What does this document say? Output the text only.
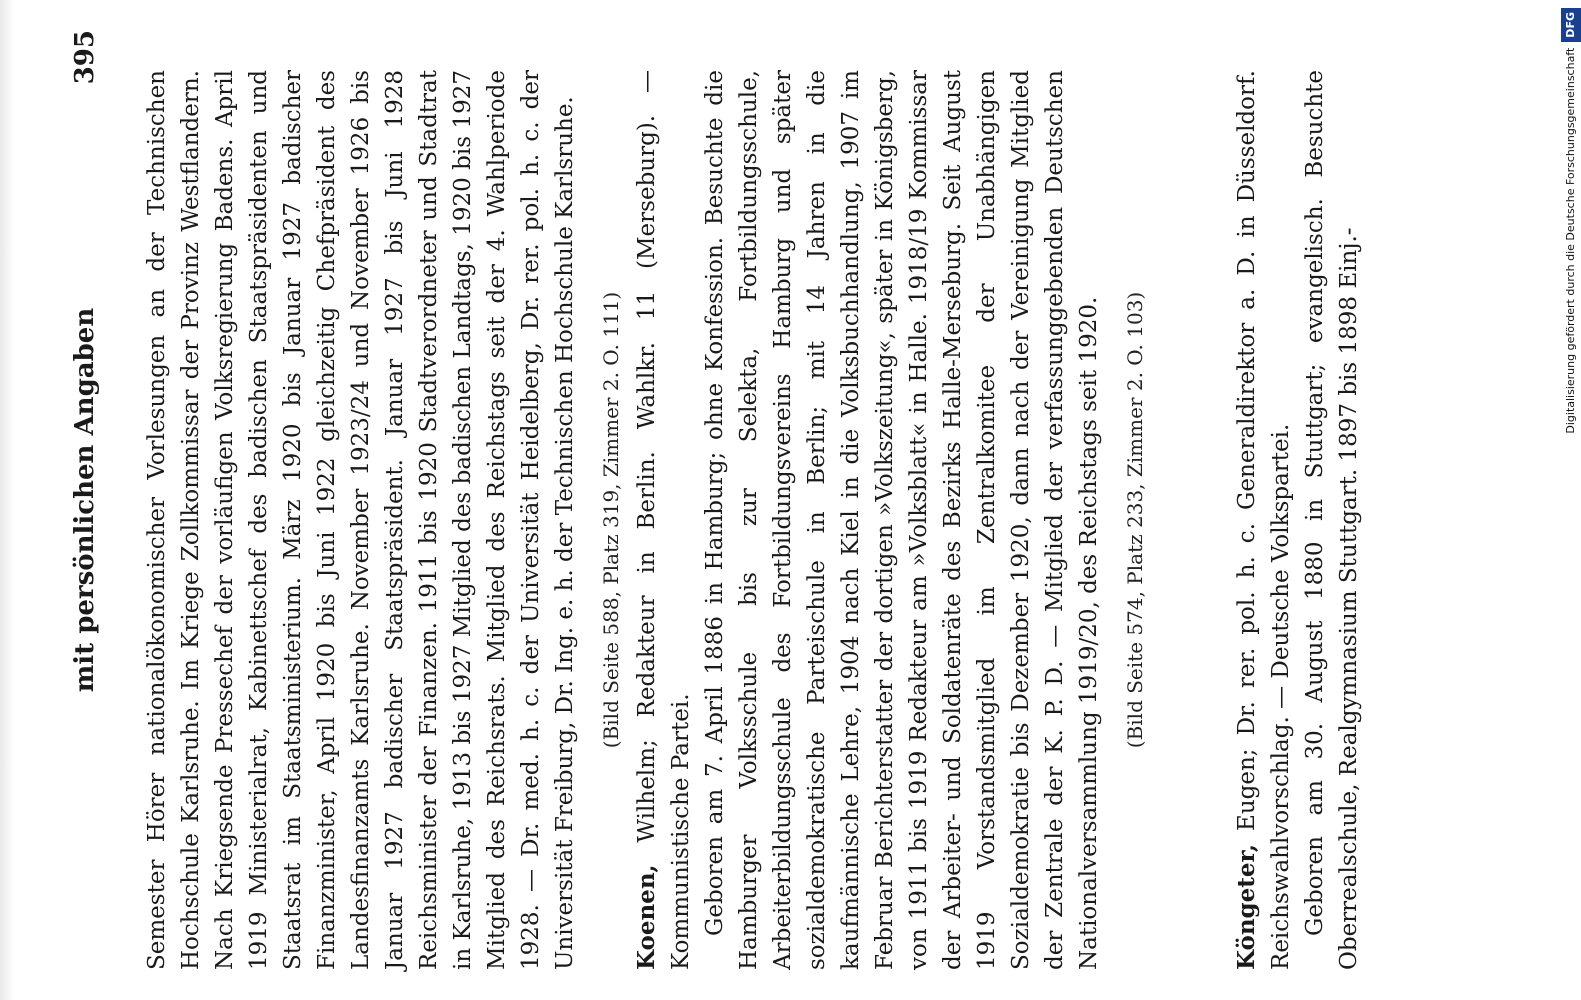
mit persönlichen Angaben
395

Semester Hörer nationalökonomischer Vorlesungen an der Technischen Hochschule Karlsruhe. Im Kriege Zollkommissar der Provinz Westflandern. Nach Kriegsende Pressechef der vorläufigen Volksregierung Badens. April 1919 Ministerialrat, Kabinettschef des badischen Staatspräsidenten und Staatsrat im Staatsministerium. März 1920 bis Januar 1927 badischer Finanzminister, April 1920 bis Juni 1922 gleichzeitig Chefpräsident des Landesfinanzamts Karlsruhe. November 1923/24 und November 1926 bis Januar 1927 badischer Staatspräsident. Januar 1927 bis Juni 1928 Reichsminister der Finanzen. 1911 bis 1920 Stadtverordneter und Stadtrat in Karlsruhe, 1913 bis 1927 Mitglied des badischen Landtags, 1920 bis 1927 Mitglied des Reichsrats. Mitglied des Reichstags seit der 4. Wahlperiode 1928. — Dr. med. h. c. der Universität Heidelberg, Dr. rer. pol. h. c. der Universität Freiburg, Dr. Ing. e. h. der Technischen Hochschule Karlsruhe. (Bild Seite 588, Platz 319, Zimmer 2. O. 111)

Koenen, Wilhelm; Redakteur in Berlin. Wahlkr. 11 (Merseburg). — Kommunistische Partei. Geboren am 7. April 1886 in Hamburg; ohne Konfession. Besuchte die Hamburger Volksschule bis zur Selekta, Fortbildungsschule, Arbeiterbildungsschule des Fortbildungsvereins Hamburg und später sozialdemokratische Parteischule in Berlin; mit 14 Jahren in die kaufmännische Lehre, 1904 nach Kiel in die Volksbuchhandlung, 1907 im Februar Berichterstatter der dortigen »Volkszeitung«, später in Königsberg, von 1911 bis 1919 Redakteur am »Volksblatt« in Halle. 1918/19 Kommissar der Arbeiter- und Soldatenräte des Bezirks Halle-Merseburg. Seit August 1919 Vorstandsmitglied im Zentralkomitee der Unabhängigen Sozialdemokratie bis Dezember 1920, dann nach der Vereinigung Mitglied der Zentrale der K. P. D. — Mitglied der verfassunggebenden Deutschen Nationalversammlung 1919/20, des Reichstags seit 1920. (Bild Seite 574, Platz 233, Zimmer 2. O. 103)

Köngeter, Eugen; Dr. rer. pol. h. c. Generaldirektor a. D. in Düsseldorf. Reichswahlvorschlag. — Deutsche Volkspartei. Geboren am 30. August 1880 in Stuttgart; evangelisch. Besuchte Oberrealschule, Realgymnasium Stuttgart. 1897 bis 1898 Einj.-	Digitalisierung gefördert durch die Deutsche ForschungsgemeinschaftDFG
